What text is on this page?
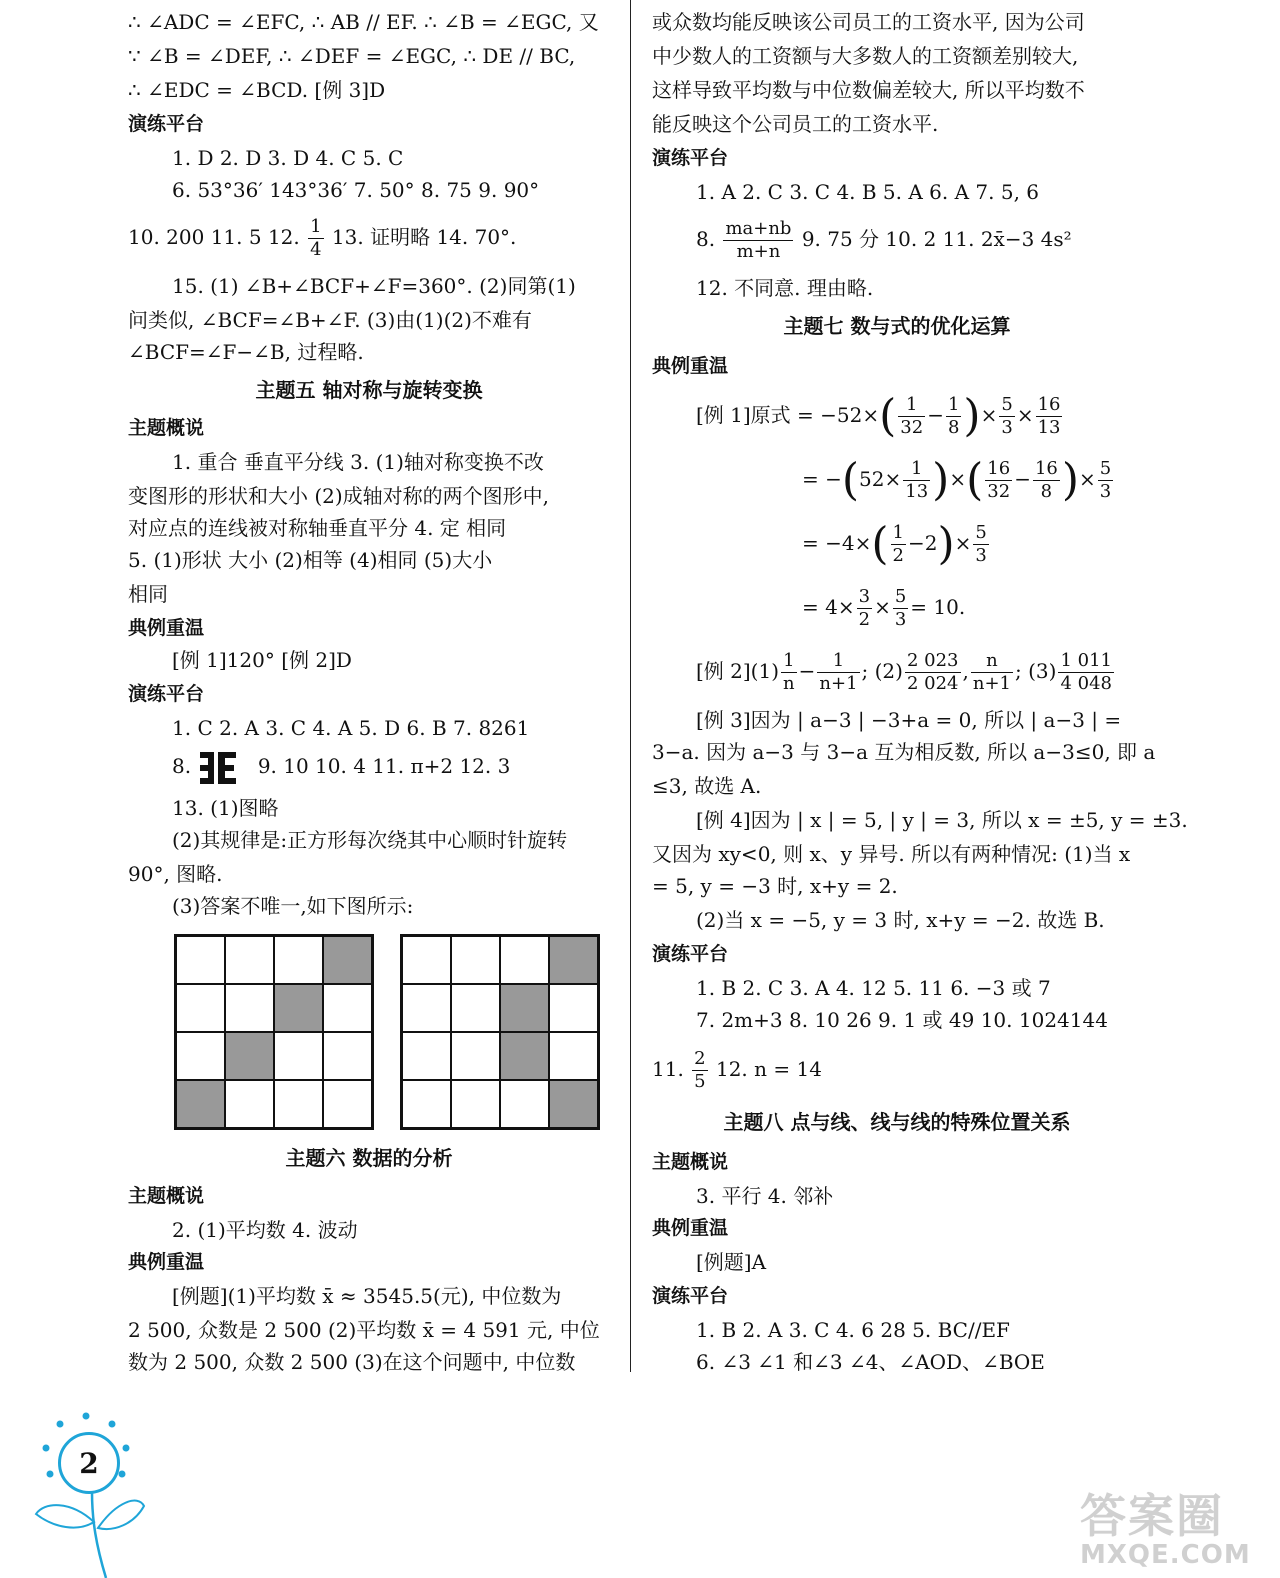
∴ ∠ADC = ∠EFC, ∴ AB // EF. ∴ ∠B = ∠EGC, 又
∵ ∠B = ∠DEF, ∴ ∠DEF = ∠EGC, ∴ DE // BC,
∴ ∠EDC = ∠BCD. [例 3]D
演练平台
1. D 2. D 3. D 4. C 5. C
6. 53°36′ 143°36′ 7. 50° 8. 75 9. 90°
10. 200 11. 5 12. $\frac{1}{4} 13$. 证明略 14. 70°.
15. (1) ∠B+∠BCF+∠F=360°. (2)同第(1)
问类似, ∠BCF=∠B+∠F. (3)由(1)(2)不难有
∠BCF=∠F−∠B, 过程略.
主题五 轴对称与旋转变换
主题概说
1. 重合 垂直平分线 3. (1)轴对称变换不改
变图形的形状和大小 (2)成轴对称的两个图形中,
对应点的连线被对称轴垂直平分 4. 定 相同
5. (1)形状 大小 (2)相等 (4)相同 (5)大小
相同
典例重温
[例 1]120° [例 2]D
演练平台
1. C 2. A 3. C 4. A 5. D 6. B 7. 8261
8.	9. 10 10. 4 11. π+2 12. 3
13. (1)图略
(2)其规律是:正方形每次绕其中心顺时针旋转
90°, 图略.
(3)答案不唯一,如下图所示:
主题六 数据的分析
主题概说
2. (1)平均数 4. 波动
典例重温
[例题](1)平均数 x̄ ≈ 3545.5(元), 中位数为
2 500, 众数是 2 500 (2)平均数 x̄ = 4 591 元, 中位
数为 2 500, 众数 2 500 (3)在这个问题中, 中位数
或众数均能反映该公司员工的工资水平, 因为公司
中少数人的工资额与大多数人的工资额差别较大,
这样导致平均数与中位数偏差较大, 所以平均数不
能反映这个公司员工的工资水平.
演练平台
1. A 2. C 3. C 4. B 5. A 6. A 7. 5, 6
8. $\frac{ma+nb}{m+n} 9$. 75 分 10. 2 11. 2x̄−3 4s²
12. 不同意. 理由略.
主题七 数与式的优化运算
典例重温
[例 1]原式 = $-52\times( \frac{1}{32} - \frac{1}{8}$ )× $\frac{5}{3} \times \frac{16}{13}$
= $-(52\times \frac{1}{13}$ )×( $\frac{16}{32} - \frac{16}{8}$ )× $\frac{5}{3}$
= $-4\times( \frac{1}{2} -2)\times \frac{5}{3}$
= $4\times \frac{3}{2} \times \frac{5}{3} = 10$.
[例 $2](1) \frac{1}{n} - \frac{1}{n+1}$ ; $(2) \frac{2 023}{2 024}$ , $\frac{n}{n+1}$ ; $(3) \frac{1 011}{4 048}$
[例 3]因为 | a−3 | −3+a = 0, 所以 | a−3 | =
3−a. 因为 a−3 与 3−a 互为相反数, 所以 a−3≤0, 即 a
≤3, 故选 A.
[例 4]因为 | x | = 5, | y | = 3, 所以 x = ±5, y = ±3.
又因为 xy<0, 则 x、y 异号. 所以有两种情况: (1)当 x
= 5, y = −3 时, x+y = 2.
(2)当 x = −5, y = 3 时, x+y = −2. 故选 B.
演练平台
1. B 2. C 3. A 4. 12 5. 11 6. −3 或 7
7. 2m+3 8. 10 26 9. 1 或 49 10. 1024144
11. $\frac{2}{5} 12$. n = 14
主题八 点与线、线与线的特殊位置关系
主题概说
3. 平行 4. 邻补
典例重温
[例题]A
演练平台
1. B 2. A 3. C 4. 6 28 5. BC//EF
6. ∠3 ∠1 和∠3 ∠4、∠AOD、∠BOE
2
答案圈
MXQE.COM
